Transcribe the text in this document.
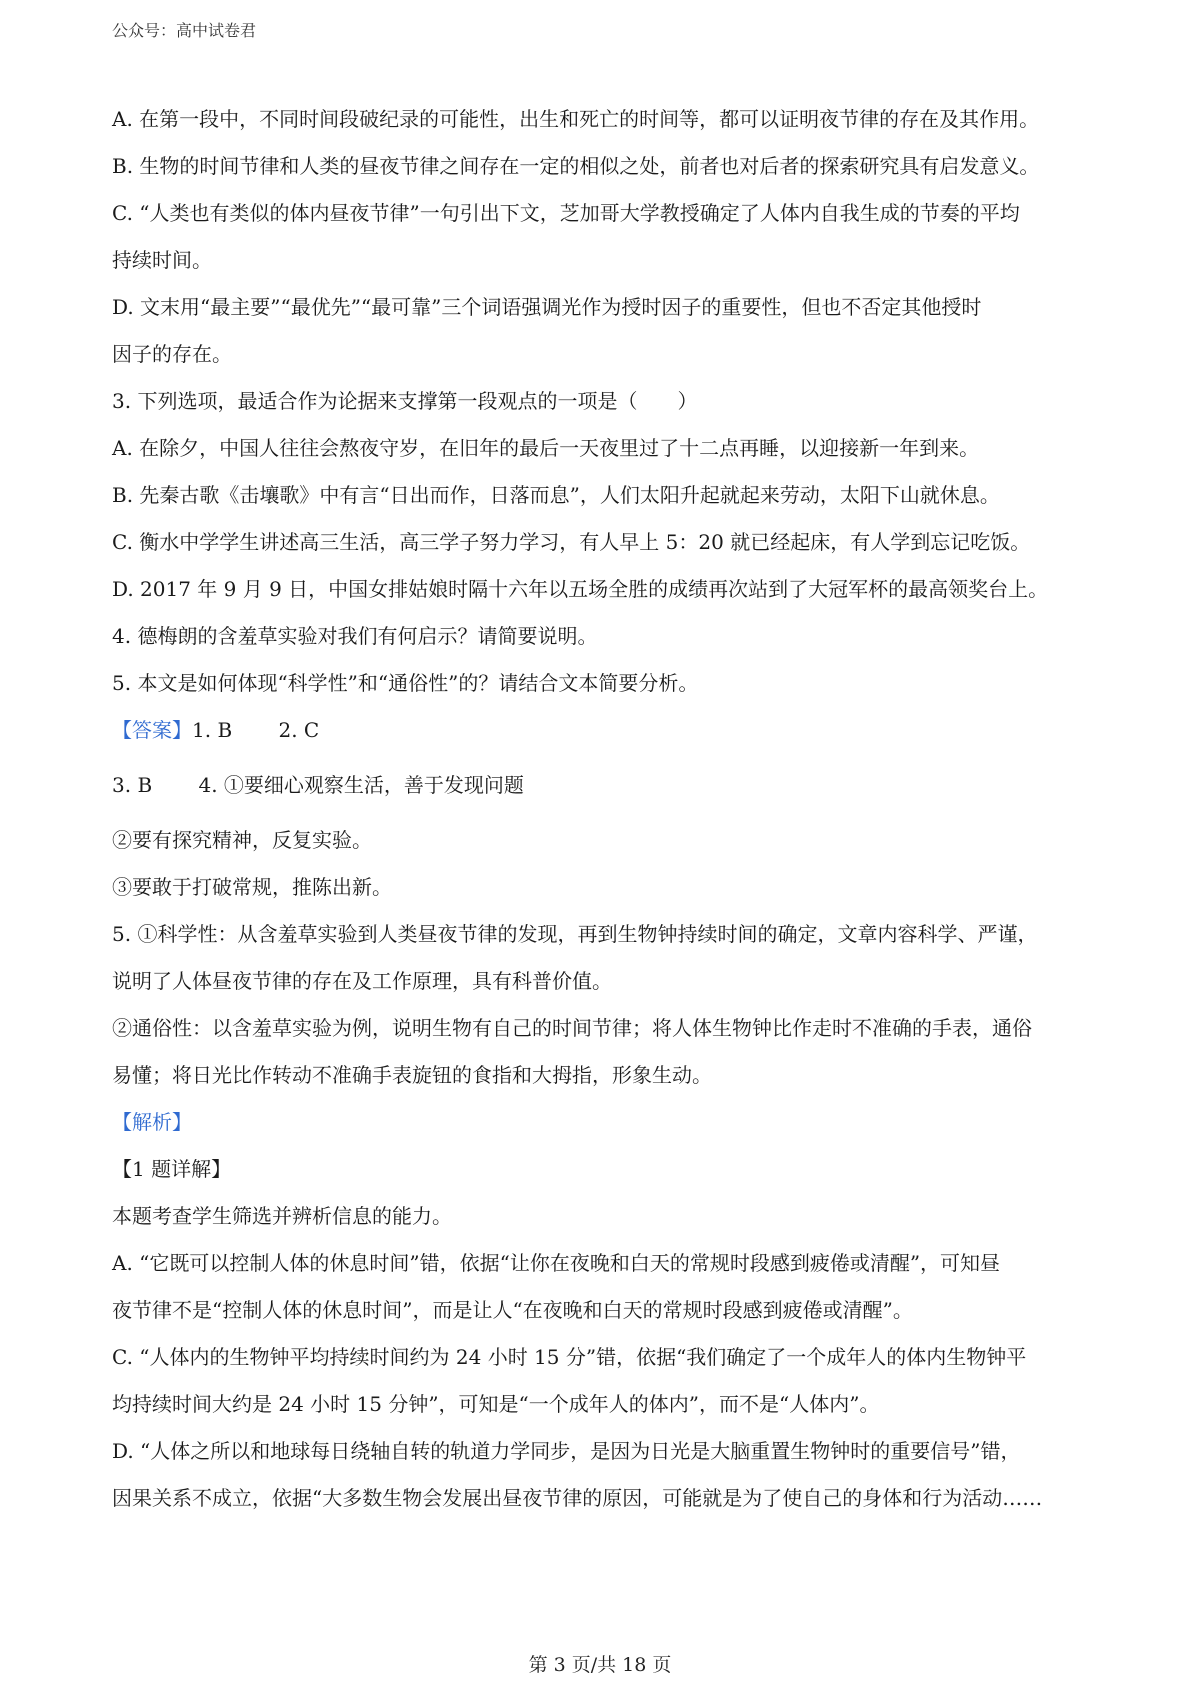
公众号：高中试卷君
A. 在第一段中，不同时间段破纪录的可能性，出生和死亡的时间等，都可以证明夜节律的存在及其作用。
B. 生物的时间节律和人类的昼夜节律之间存在一定的相似之处，前者也对后者的探索研究具有启发意义。
C. “人类也有类似的体内昼夜节律”一句引出下文，芝加哥大学教授确定了人体内自我生成的节奏的平均
持续时间。
D. 文末用“最主要”“最优先”“最可靠”三个词语强调光作为授时因子的重要性，但也不否定其他授时
因子的存在。
3. 下列选项，最适合作为论据来支撑第一段观点的一项是（　　）
A. 在除夕，中国人往往会熬夜守岁，在旧年的最后一天夜里过了十二点再睡，以迎接新一年到来。
B. 先秦古歌《击壤歌》中有言“日出而作，日落而息”，人们太阳升起就起来劳动，太阳下山就休息。
C. 衡水中学学生讲述高三生活，高三学子努力学习，有人早上 5：20 就已经起床，有人学到忘记吃饭。
D. 2017 年 9 月 9 日，中国女排姑娘时隔十六年以五场全胜的成绩再次站到了大冠军杯的最高领奖台上。
4. 德梅朗的含羞草实验对我们有何启示？请简要说明。
5. 本文是如何体现“科学性”和“通俗性”的？请结合文本简要分析。
【答案】1. B　　 2. C
3. B　　 4. ①要细心观察生活，善于发现问题
②要有探究精神，反复实验。
③要敢于打破常规，推陈出新。
5. ①科学性：从含羞草实验到人类昼夜节律的发现，再到生物钟持续时间的确定，文章内容科学、严谨，
说明了人体昼夜节律的存在及工作原理，具有科普价值。
②通俗性：以含羞草实验为例，说明生物有自己的时间节律；将人体生物钟比作走时不准确的手表，通俗
易懂；将日光比作转动不准确手表旋钮的食指和大拇指，形象生动。
【解析】
【1 题详解】
本题考查学生筛选并辨析信息的能力。
A. “它既可以控制人体的休息时间”错，依据“让你在夜晚和白天的常规时段感到疲倦或清醒”，可知昼
夜节律不是“控制人体的休息时间”，而是让人“在夜晚和白天的常规时段感到疲倦或清醒”。
C. “人体内的生物钟平均持续时间约为 24 小时 15 分”错，依据“我们确定了一个成年人的体内生物钟平
均持续时间大约是 24 小时 15 分钟”，可知是“一个成年人的体内”，而不是“人体内”。
D. “人体之所以和地球每日绕轴自转的轨道力学同步，是因为日光是大脑重置生物钟时的重要信号”错，
因果关系不成立，依据“大多数生物会发展出昼夜节律的原因，可能就是为了使自己的身体和行为活动……
第 3 页/共 18 页
